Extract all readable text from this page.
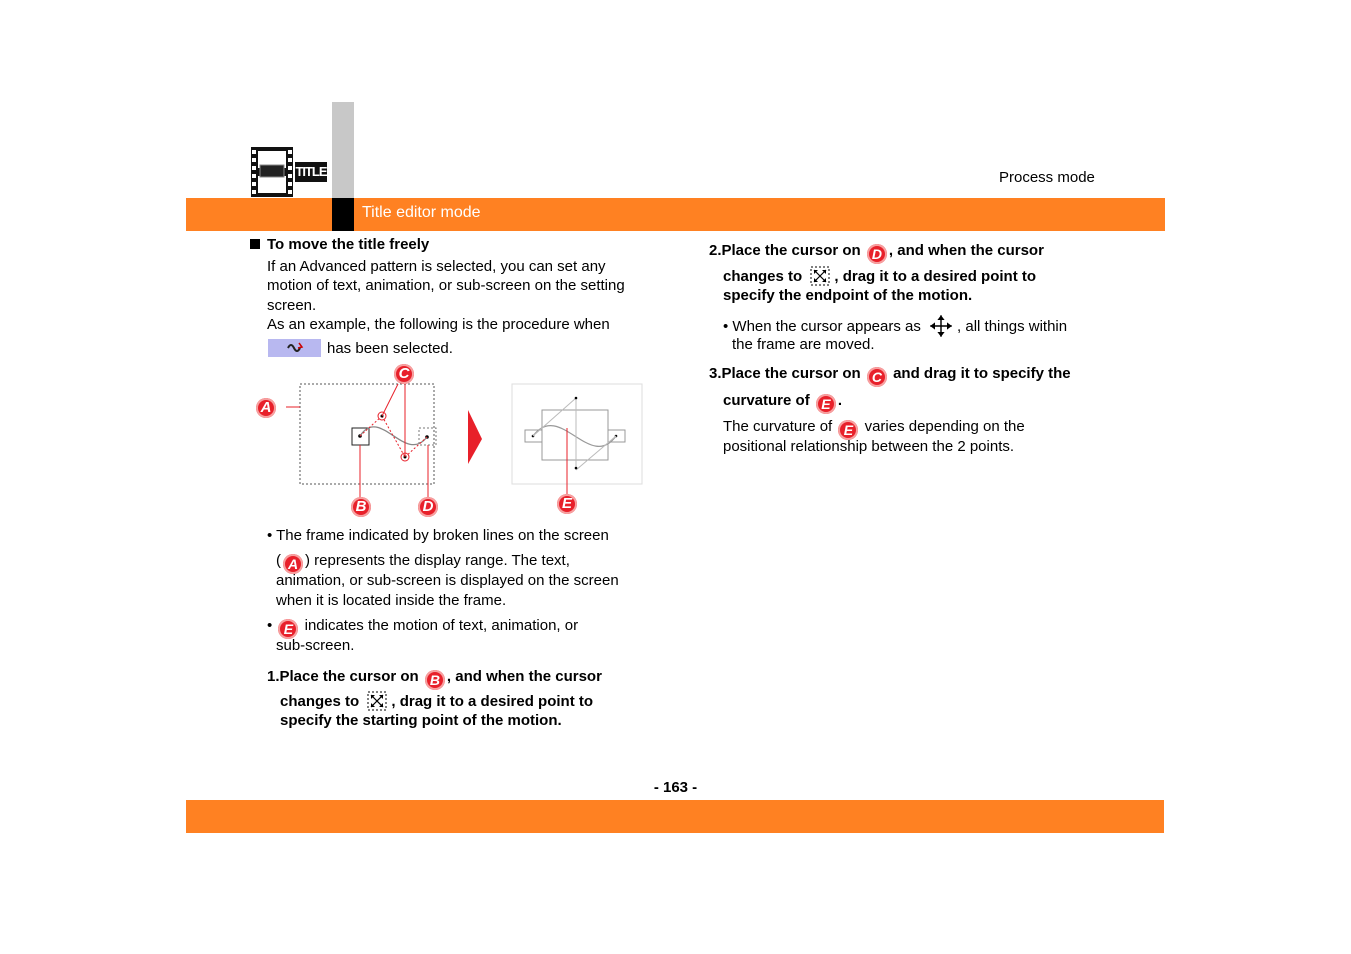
TITLE	Process mode
Title editor mode
To move the title freely
If an Advanced pattern is selected, you can set any
motion of text, animation, or sub-screen on the setting
screen.
As an example, the following is the procedure when
has been selected.
A
C
B	D	E
• The frame indicated by broken lines on the screen
( A ) represents the display range. The text,
animation, or sub-screen is displayed on the screen
when it is located inside the frame.
• E indicates the motion of text, animation, or
sub-screen.
1.Place the cursor on B , and when the cursor
changes to , drag it to a desired point to
specify the starting point of the motion.
2.Place the cursor on D , and when the cursor
changes to , drag it to a desired point to
specify the endpoint of the motion.
• When the cursor appears as , all things within
the frame are moved.
3.Place the cursor on C and drag it to specify the
curvature of E .
The curvature of E varies depending on the
positional relationship between the 2 points.
- 163 -
